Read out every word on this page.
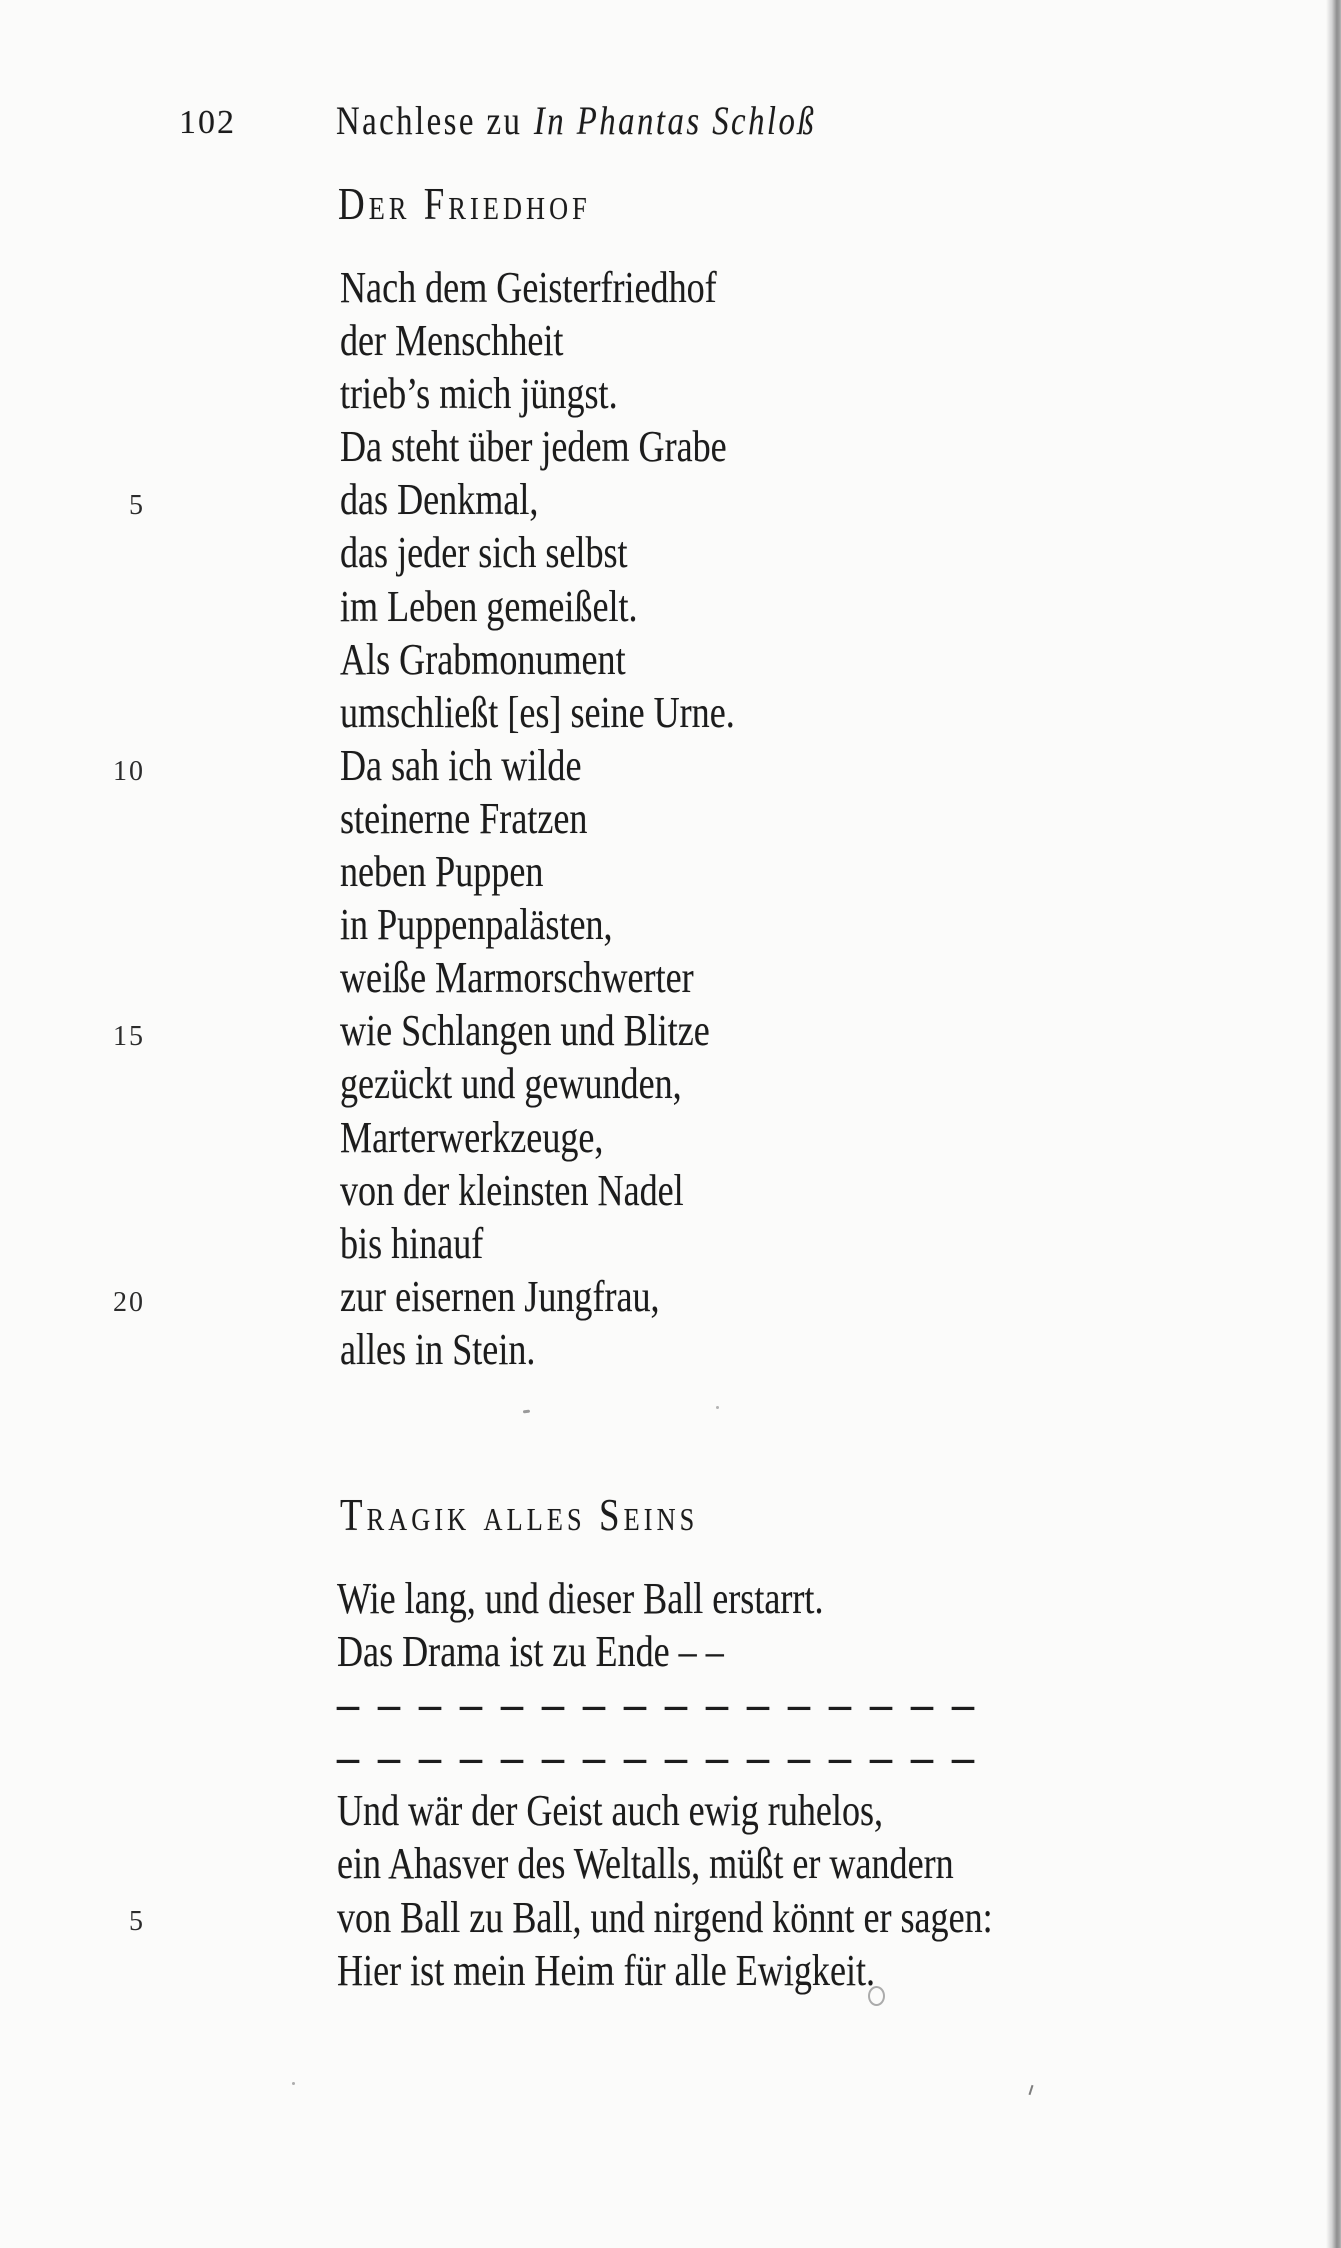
102	Nachlese zu In Phantas Schloß
Der Friedhof
Nach dem Geisterfriedhof
der Menschheit
trieb’s mich jüngst.
Da steht über jedem Grabe
das Denkmal,
das jeder sich selbst
im Leben gemeißelt.
Als Grabmonument
umschließt [es] seine Urne.
Da sah ich wilde
steinerne Fratzen
neben Puppen
in Puppenpalästen,
weiße Marmorschwerter
wie Schlangen und Blitze
gezückt und gewunden,
Marterwerkzeuge,
von der kleinsten Nadel
bis hinauf
zur eisernen Jungfrau,
alles in Stein.
5
10
15
20
Tragik alles Seins
Wie lang, und dieser Ball erstarrt.
Das Drama ist zu Ende – –
– – – – – – – – – – – – – – – –
– – – – – – – – – – – – – – – –
Und wär der Geist auch ewig ruhelos,
ein Ahasver des Weltalls, müßt er wandern
von Ball zu Ball, und nirgend könnt er sagen:
Hier ist mein Heim für alle Ewigkeit.
5
